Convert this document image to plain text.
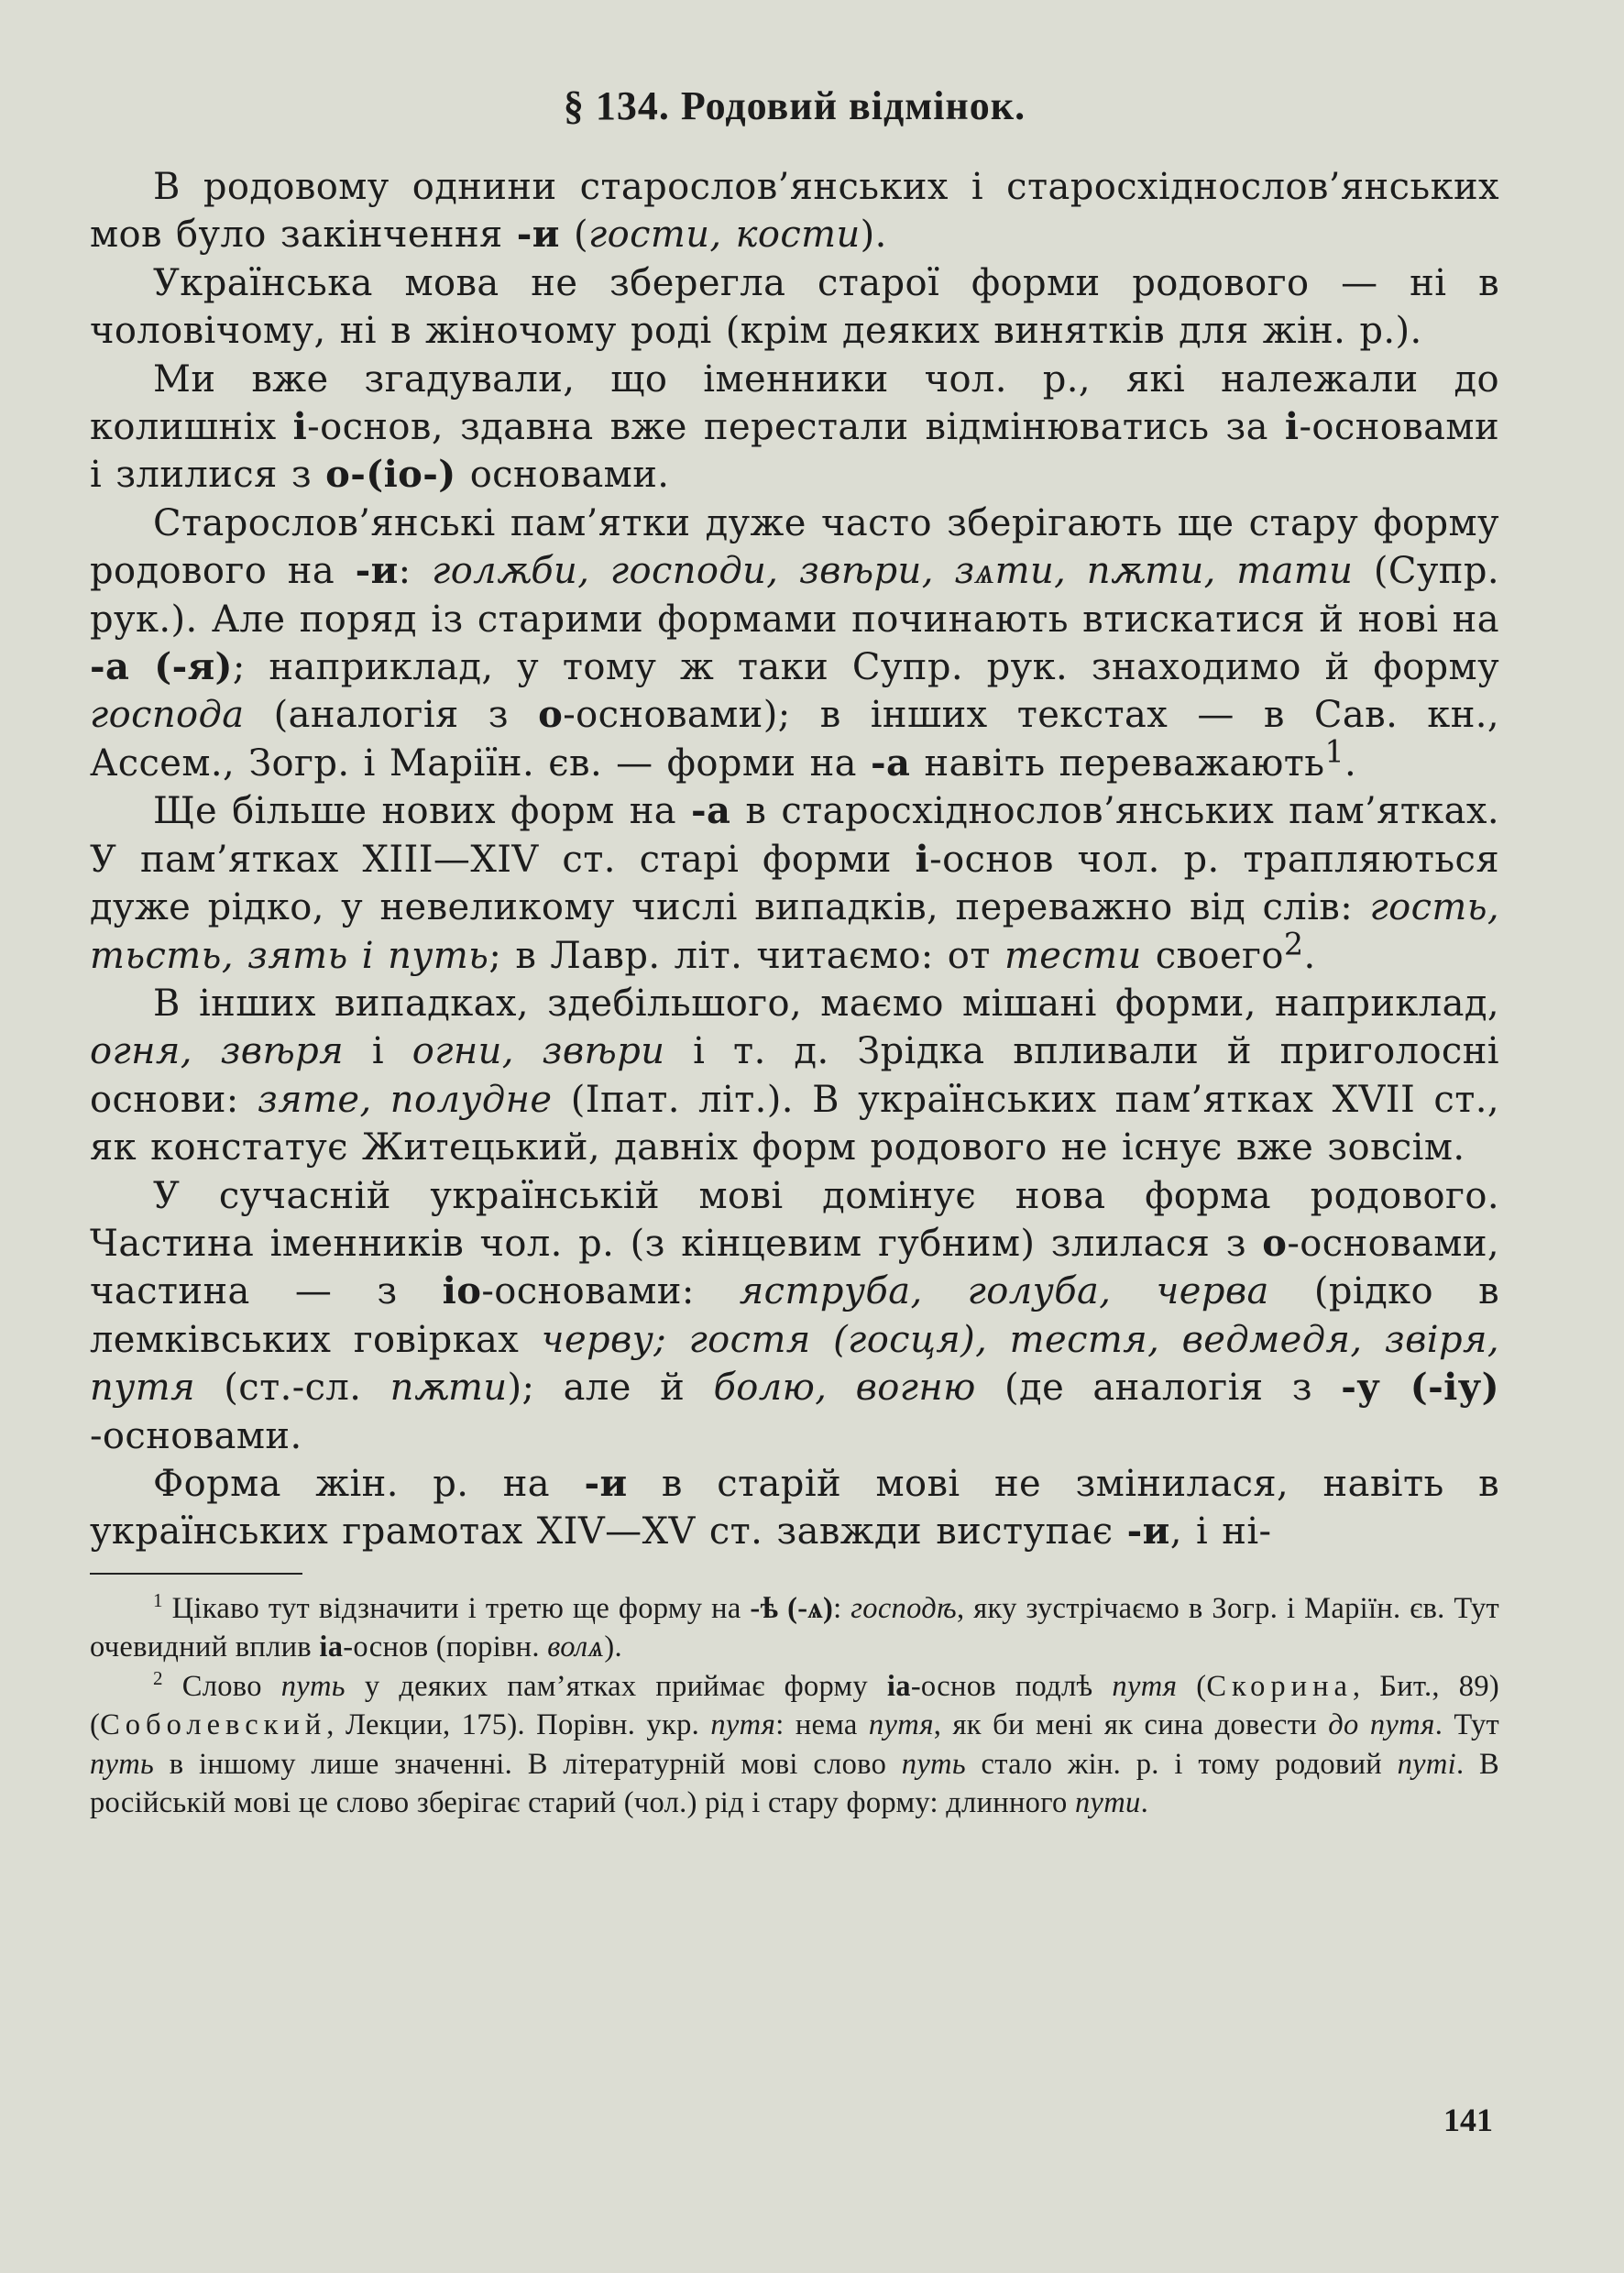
§ 134. Родовий відмінок.

В родовому однини старослов’янських і старосхіднослов’янських мов було закінчення -и (гости, кости).

Українська мова не зберегла старої форми родового — ні в чоловічому, ні в жіночому роді (крім деяких винятків для жін. р.).

Ми вже згадували, що іменники чол. р., які належали до колишніх і-основ, здавна вже перестали відмінюватись за і-основами і злилися з о-(іо-) основами.

Старослов’янські пам’ятки дуже часто зберігають ще стару форму родового на -и: голѫби, господи, звѣри, зѧти, пѫти, тати (Супр. рук.). Але поряд із старими формами починають втискатися й нові на -а (-я); наприклад, у тому ж таки Супр. рук. знаходимо й форму господа (аналогія з о-основами); в інших текстах — в Сав. кн., Ассем., Зогр. і Маріїн. єв. — форми на -а навіть переважають$^1$.

Ще більше нових форм на -а в старосхіднослов’янських пам’ятках. У пам’ятках XIII—XIV ст. старі форми і-основ чол. р. трапляються дуже рідко, у невеликому числі випадків, переважно від слів: гость, тьсть, зять і путь; в Лавр. літ. читаємо: от тести своего$^2$.

В інших випадках, здебільшого, маємо мішані форми, наприклад, огня, звѣря і огни, звѣри і т. д. Зрідка впливали й приголосні основи: зяте, полудне (Іпат. літ.). В українських пам’ятках XVII ст., як констатує Житецький, давніх форм родового не існує вже зовсім.

У сучасній українській мові домінує нова форма родового. Частина іменників чол. р. (з кінцевим губним) злилася з о-основами, частина — з іо-основами: яструба, голуба, черва (рідко в лемківських говірках черву; гостя (госця), тестя, ведмедя, звіря, путя (ст.-сл. пѫти); але й болю, вогню (де аналогія з -у (-іу) -основами.

Форма жін. р. на -и в старій мові не змінилася, навіть в українських грамотах XIV—XV ст. завжди виступає -и, і ні-

$^1$ Цікаво тут відзначити і третю ще форму на -ѣ (-ѧ): господѣ, яку зустрічаємо в Зогр. і Маріїн. єв. Тут очевидний вплив іа-основ (порівн. волѧ).

$^2$ Слово путь у деяких пам’ятках приймає форму іа-основ подлѣ путя (Скорина, Бит., 89) (Соболевский, Лекции, 175). Порівн. укр. путя: нема путя, як би мені як сина довести до путя. Тут путь в іншому лише значенні. В літературній мові слово путь стало жін. р. і тому родовий путі. В російській мові це слово зберігає старий (чол.) рід і стару форму: длинного пути.

141
